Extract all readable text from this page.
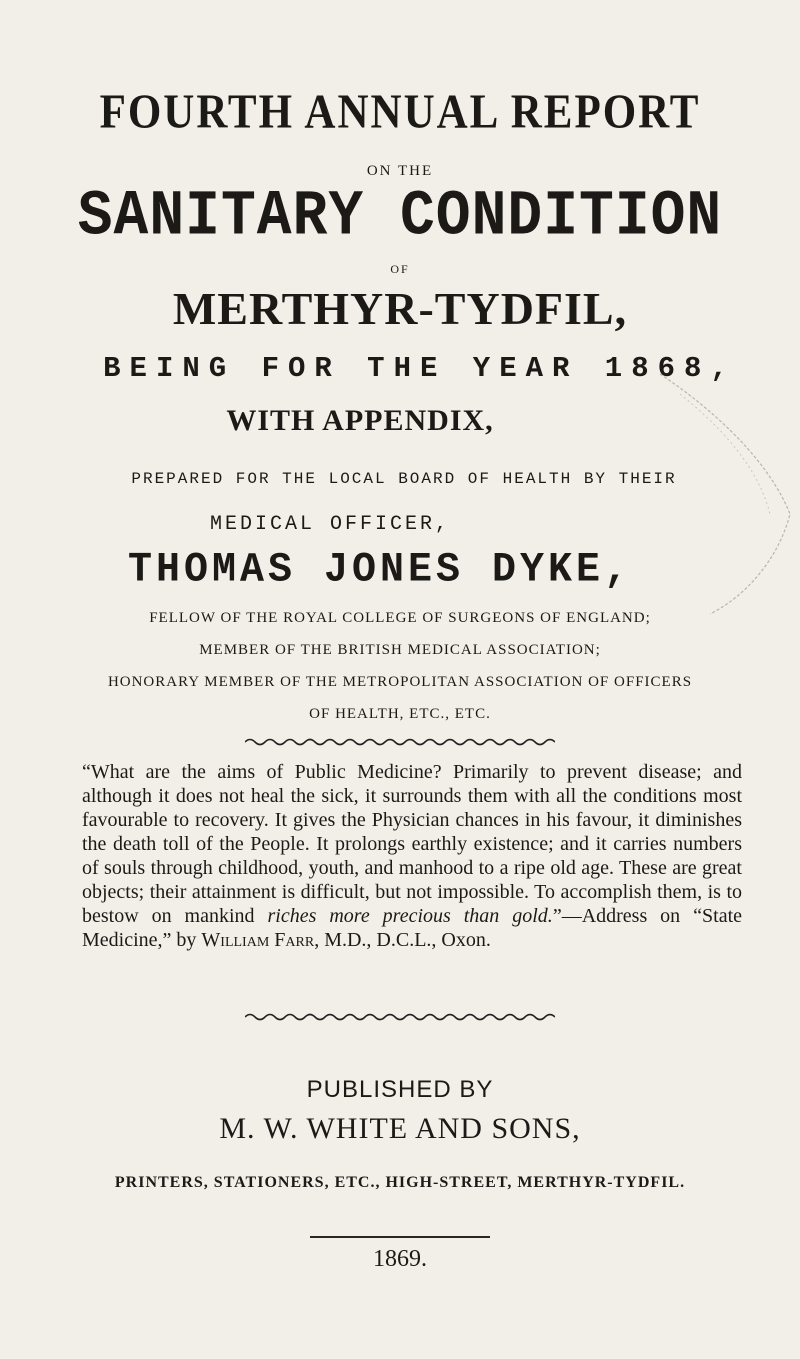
FOURTH ANNUAL REPORT
ON THE
SANITARY CONDITION
OF
MERTHYR-TYDFIL,
BEING FOR THE YEAR 1868,
WITH APPENDIX,
PREPARED FOR THE LOCAL BOARD OF HEALTH BY THEIR
MEDICAL OFFICER,
THOMAS JONES DYKE,
FELLOW OF THE ROYAL COLLEGE OF SURGEONS OF ENGLAND;
MEMBER OF THE BRITISH MEDICAL ASSOCIATION;
HONORARY MEMBER OF THE METROPOLITAN ASSOCIATION OF OFFICERS
OF HEALTH, ETC., ETC.

“What are the aims of Public Medicine? Primarily to prevent disease; and although it does not heal the sick, it surrounds them with all the conditions most favourable to recovery. It gives the Physician chances in his favour, it diminishes the death toll of the People. It prolongs earthly existence; and it carries numbers of souls through childhood, youth, and manhood to a ripe old age. These are great objects; their attainment is difficult, but not impossible. To accomplish them, is to bestow on mankind riches more precious than gold.”—Address on “State Medicine,” by William Farr, M.D., D.C.L., Oxon.

PUBLISHED BY
M. W. WHITE AND SONS,
PRINTERS, STATIONERS, ETC., HIGH-STREET, MERTHYR-TYDFIL.
1869.
